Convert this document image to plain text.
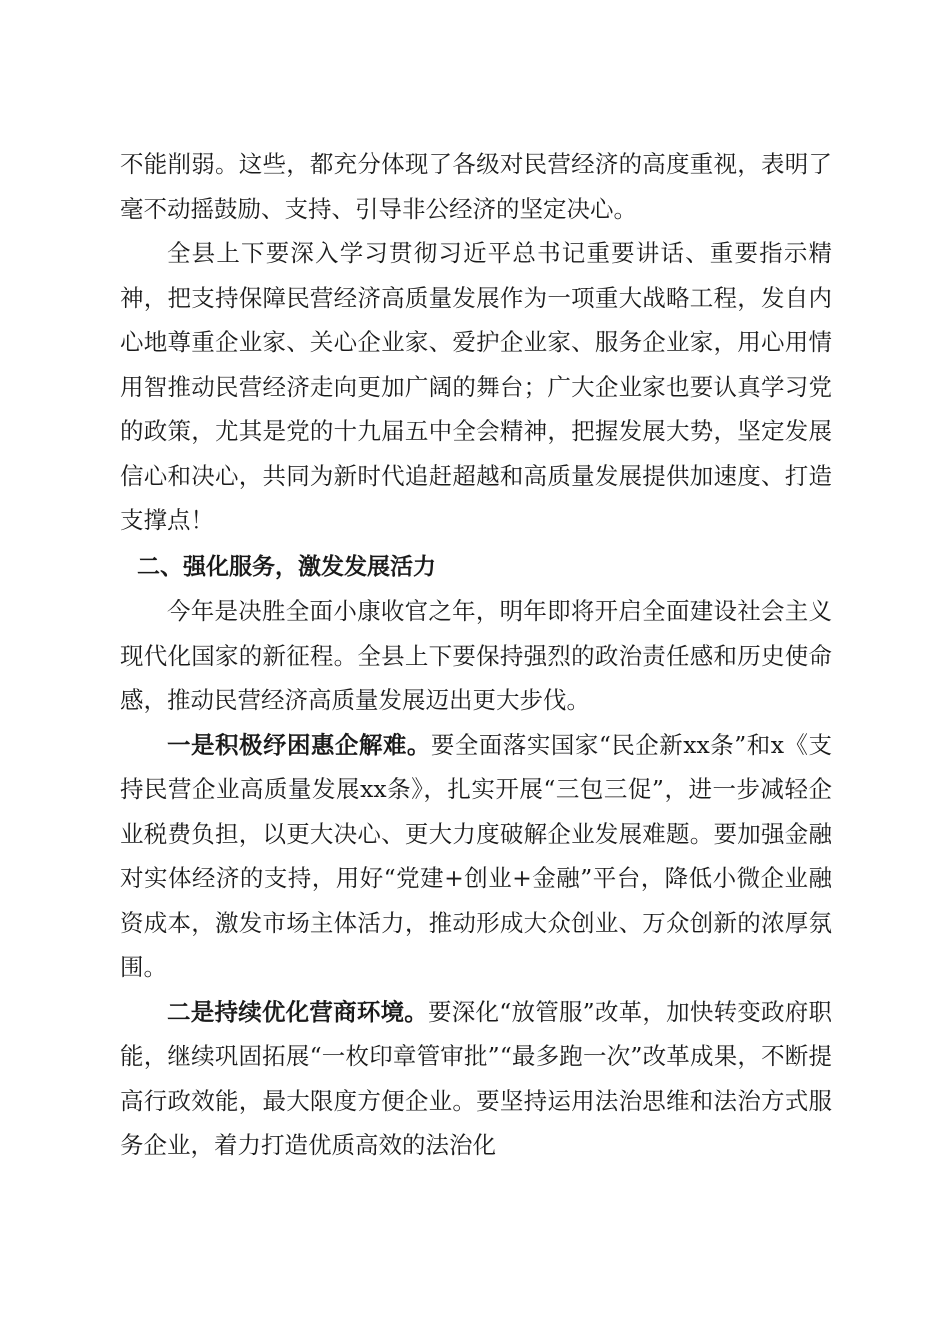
不能削弱。这些，都充分体现了各级对民营经济的高度重视，表明了毫不动摇鼓励、支持、引导非公经济的坚定决心。

全县上下要深入学习贯彻习近平总书记重要讲话、重要指示精神，把支持保障民营经济高质量发展作为一项重大战略工程，发自内心地尊重企业家、关心企业家、爱护企业家、服务企业家，用心用情用智推动民营经济走向更加广阔的舞台；广大企业家也要认真学习党的政策，尤其是党的十九届五中全会精神，把握发展大势，坚定发展信心和决心，共同为新时代追赶超越和高质量发展提供加速度、打造支撑点！

二、强化服务，激发发展活力

今年是决胜全面小康收官之年，明年即将开启全面建设社会主义现代化国家的新征程。全县上下要保持强烈的政治责任感和历史使命感，推动民营经济高质量发展迈出更大步伐。

一是积极纾困惠企解难。要全面落实国家“民企新xx条”和x《支持民营企业高质量发展xx条》，扎实开展“三包三促”，进一步减轻企业税费负担，以更大决心、更大力度破解企业发展难题。要加强金融对实体经济的支持，用好“党建+创业+金融”平台，降低小微企业融资成本，激发市场主体活力，推动形成大众创业、万众创新的浓厚氛围。

二是持续优化营商环境。要深化“放管服”改革，加快转变政府职能，继续巩固拓展“一枚印章管审批”“最多跑一次”改革成果，不断提高行政效能，最大限度方便企业。要坚持运用法治思维和法治方式服务企业，着力打造优质高效的法治化
